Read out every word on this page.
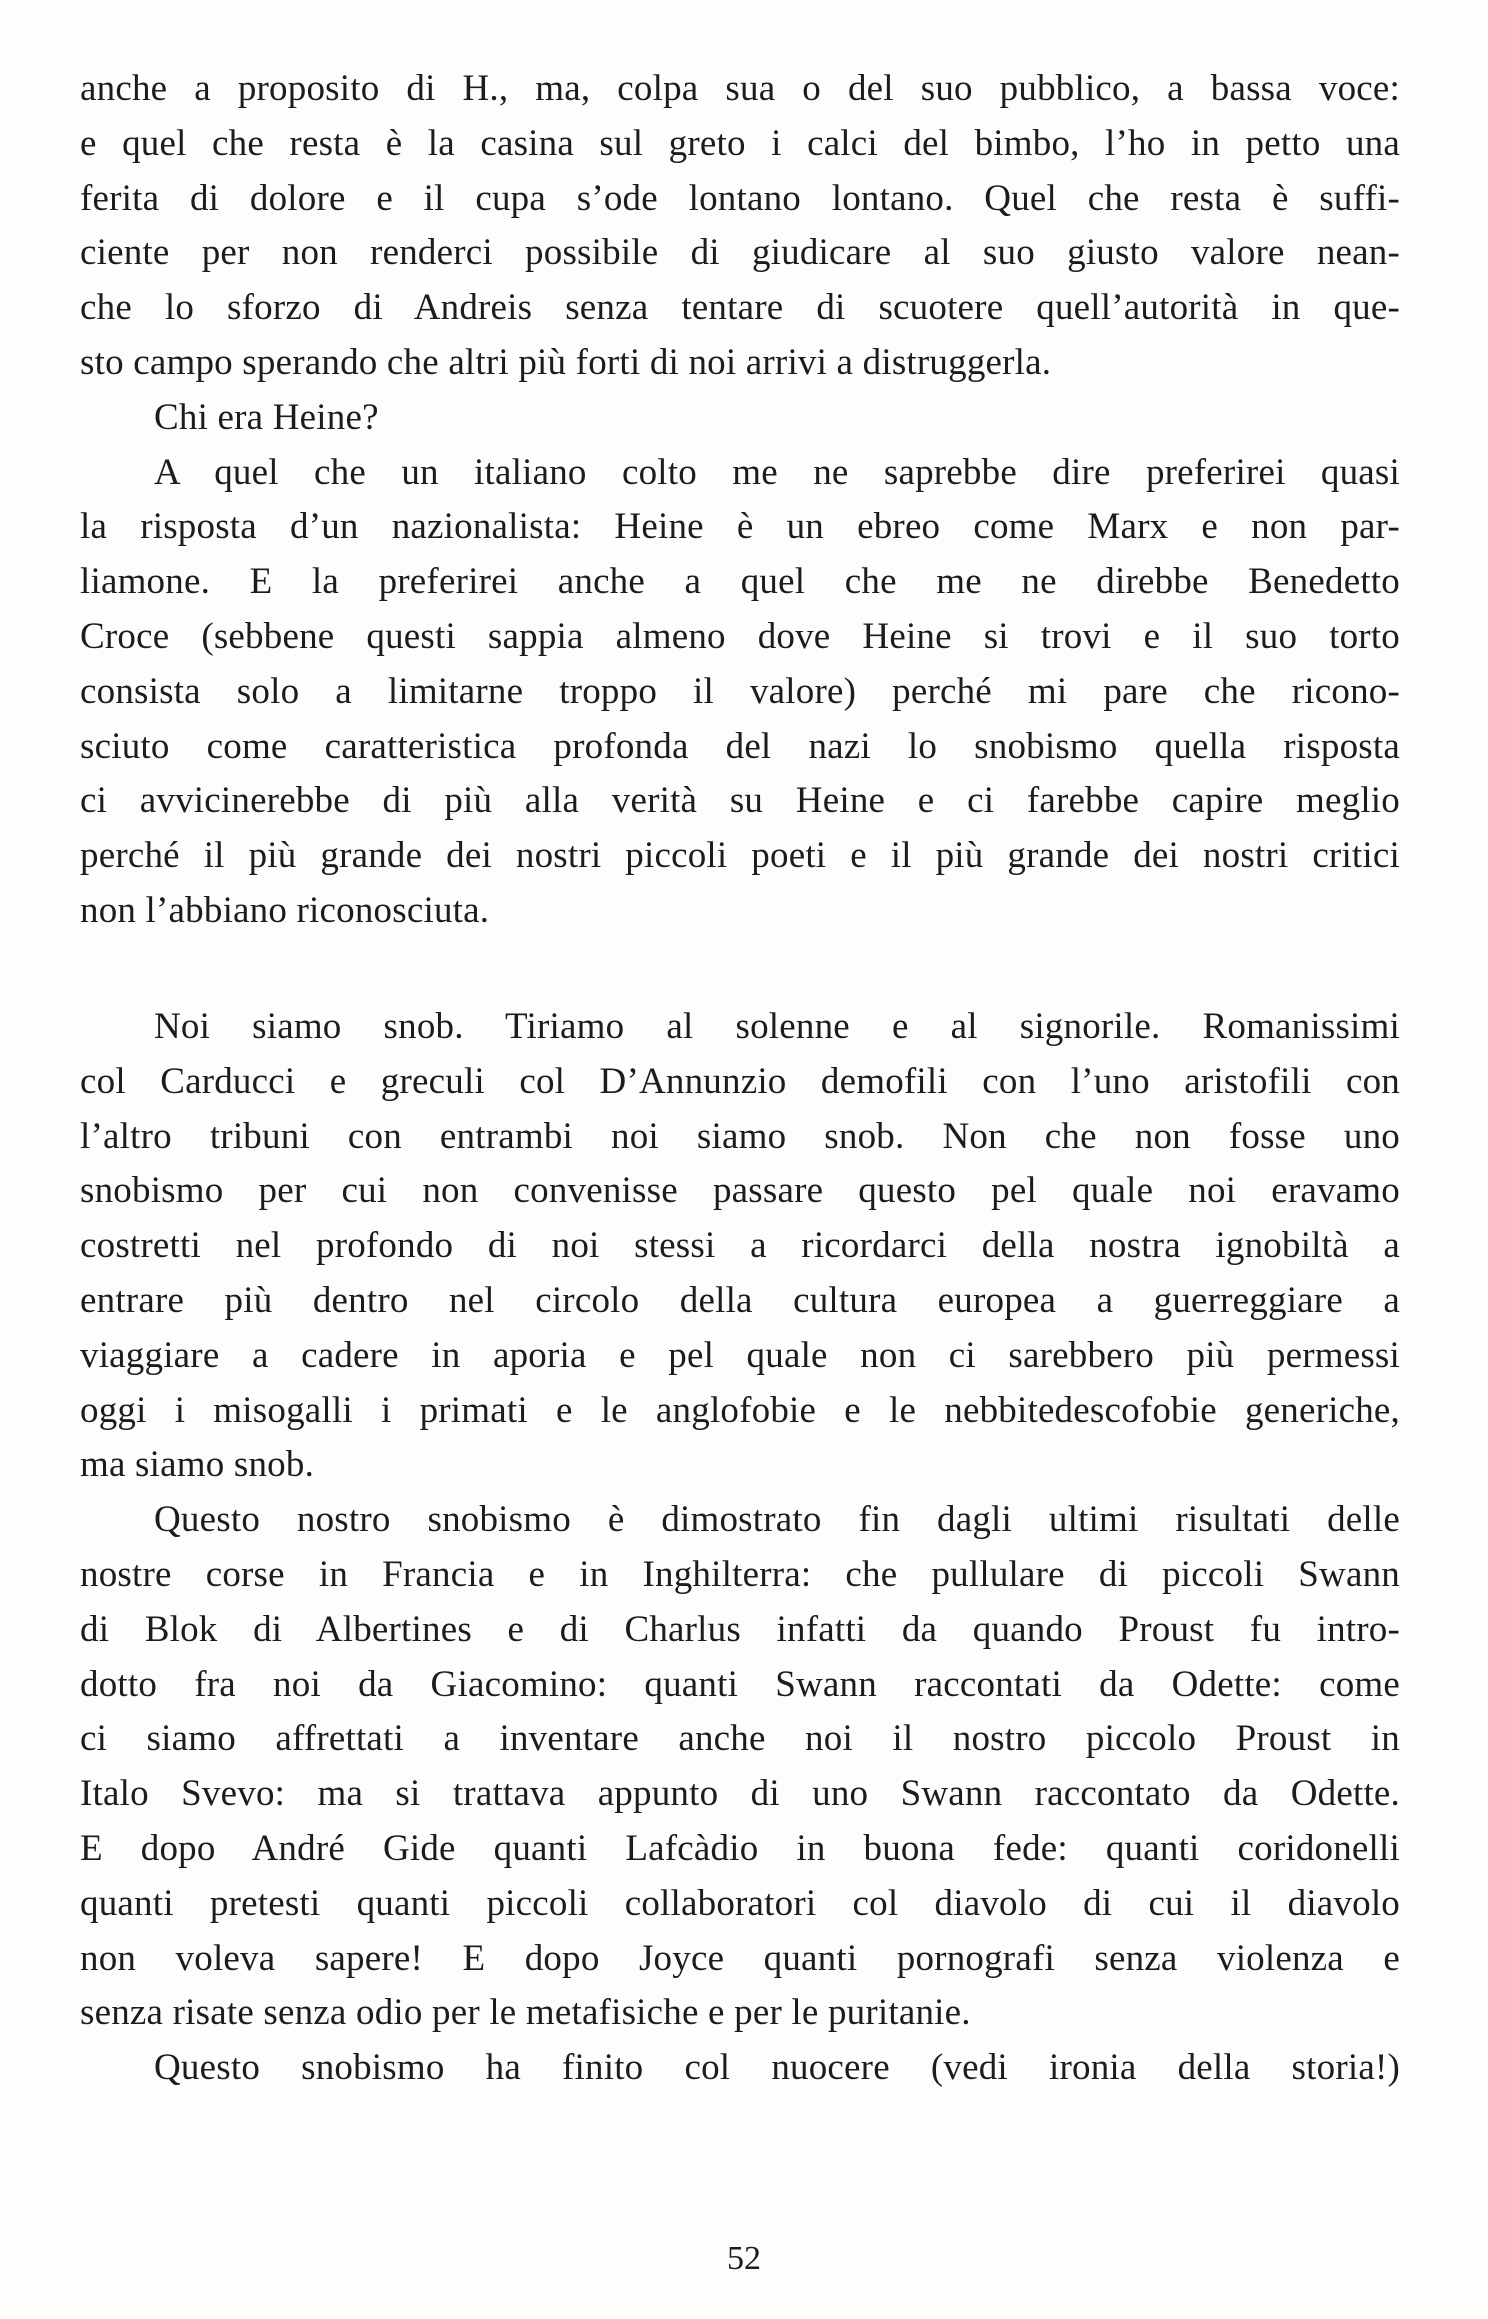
anche a proposito di H., ma, colpa sua o del suo pubblico, a bassa voce:
e quel che resta è la casina sul greto i calci del bimbo, l’ho in petto una
ferita di dolore e il cupa s’ode lontano lontano. Quel che resta è suffi-
ciente per non renderci possibile di giudicare al suo giusto valore nean-
che lo sforzo di Andreis senza tentare di scuotere quell’autorità in que-
sto campo sperando che altri più forti di noi arrivi a distruggerla.
Chi era Heine?
A quel che un italiano colto me ne saprebbe dire preferirei quasi
la risposta d’un nazionalista: Heine è un ebreo come Marx e non par-
liamone. E la preferirei anche a quel che me ne direbbe Benedetto
Croce (sebbene questi sappia almeno dove Heine si trovi e il suo torto
consista solo a limitarne troppo il valore) perché mi pare che ricono-
sciuto come caratteristica profonda del nazi lo snobismo quella risposta
ci avvicinerebbe di più alla verità su Heine e ci farebbe capire meglio
perché il più grande dei nostri piccoli poeti e il più grande dei nostri critici
non l’abbiano riconosciuta.
Noi siamo snob. Tiriamo al solenne e al signorile. Romanissimi
col Carducci e greculi col D’Annunzio demofili con l’uno aristofili con
l’altro tribuni con entrambi noi siamo snob. Non che non fosse uno
snobismo per cui non convenisse passare questo pel quale noi eravamo
costretti nel profondo di noi stessi a ricordarci della nostra ignobiltà a
entrare più dentro nel circolo della cultura europea a guerreggiare a
viaggiare a cadere in aporia e pel quale non ci sarebbero più permessi
oggi i misogalli i primati e le anglofobie e le nebbitedescofobie generiche,
ma siamo snob.
Questo nostro snobismo è dimostrato fin dagli ultimi risultati delle
nostre corse in Francia e in Inghilterra: che pullulare di piccoli Swann
di Blok di Albertines e di Charlus infatti da quando Proust fu intro-
dotto fra noi da Giacomino: quanti Swann raccontati da Odette: come
ci siamo affrettati a inventare anche noi il nostro piccolo Proust in
Italo Svevo: ma si trattava appunto di uno Swann raccontato da Odette.
E dopo André Gide quanti Lafcàdio in buona fede: quanti coridonelli
quanti pretesti quanti piccoli collaboratori col diavolo di cui il diavolo
non voleva sapere! E dopo Joyce quanti pornografi senza violenza e
senza risate senza odio per le metafisiche e per le puritanie.
Questo snobismo ha finito col nuocere (vedi ironia della storia!)
52
